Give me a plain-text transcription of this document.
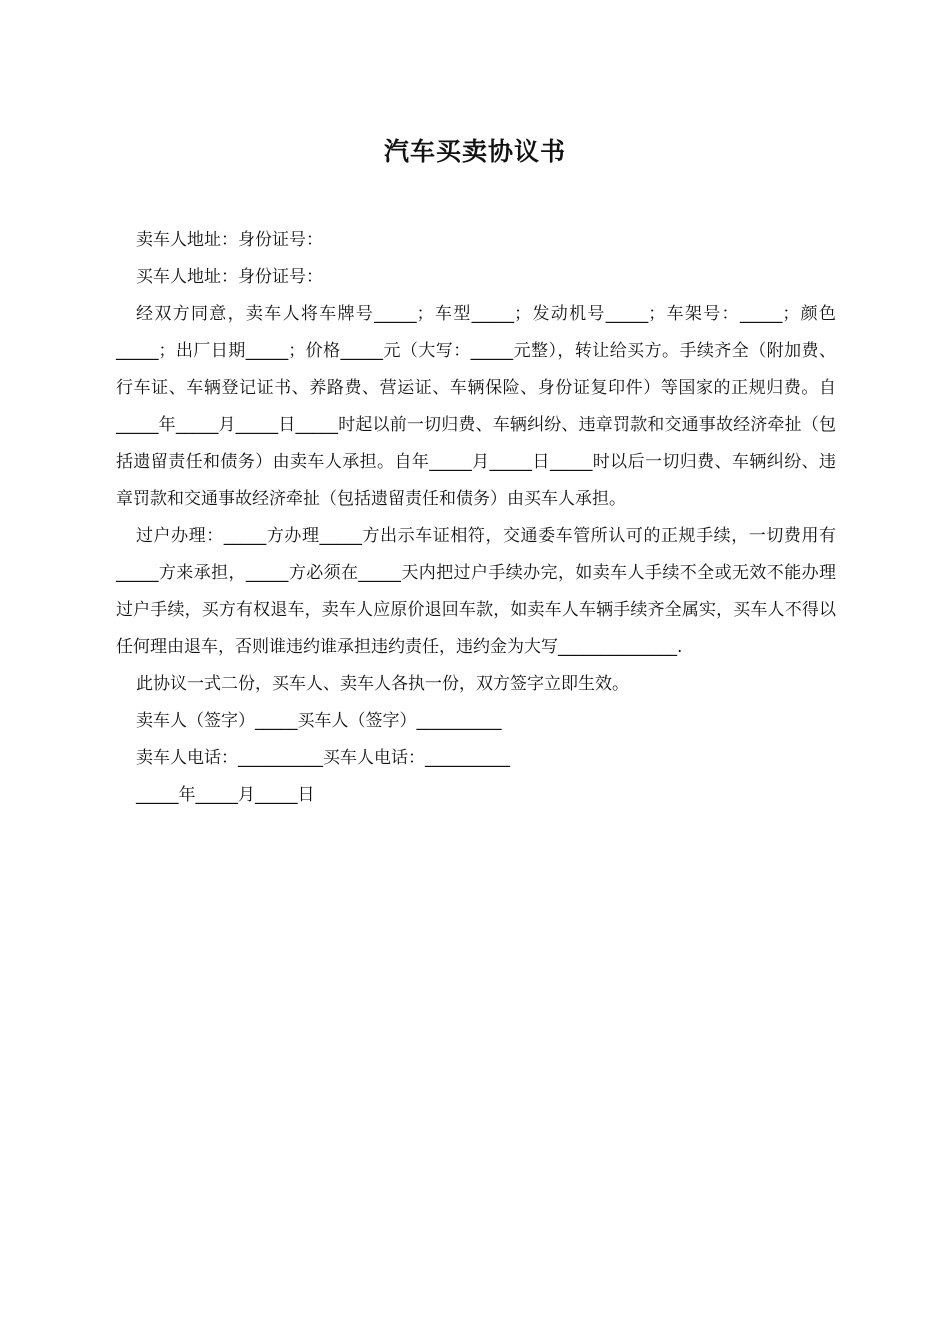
汽车买卖协议书

卖车人地址：身份证号：

买车人地址：身份证号：

经双方同意，卖车人将车牌号_____；车型_____；发动机号_____；车架号：_____；颜色_____；出厂日期_____；价格_____元（大写：_____元整），转让给买方。手续齐全（附加费、行车证、车辆登记证书、养路费、营运证、车辆保险、身份证复印件）等国家的正规归费。自_____年_____月_____日_____时起以前一切归费、车辆纠纷、违章罚款和交通事故经济牵扯（包括遗留责任和债务）由卖车人承担。自年_____月_____日_____时以后一切归费、车辆纠纷、违章罚款和交通事故经济牵扯（包括遗留责任和债务）由买车人承担。

过户办理：_____方办理_____方出示车证相符，交通委车管所认可的正规手续，一切费用有_____方来承担，_____方必须在_____天内把过户手续办完，如卖车人手续不全或无效不能办理过户手续，买方有权退车，卖车人应原价退回车款，如卖车人车辆手续齐全属实，买车人不得以任何理由退车，否则谁违约谁承担违约责任，违约金为大写______________.

此协议一式二份，买车人、卖车人各执一份，双方签字立即生效。

卖车人（签字）_____买车人（签字）__________

卖车人电话：__________买车人电话：__________

_____年_____月_____日
